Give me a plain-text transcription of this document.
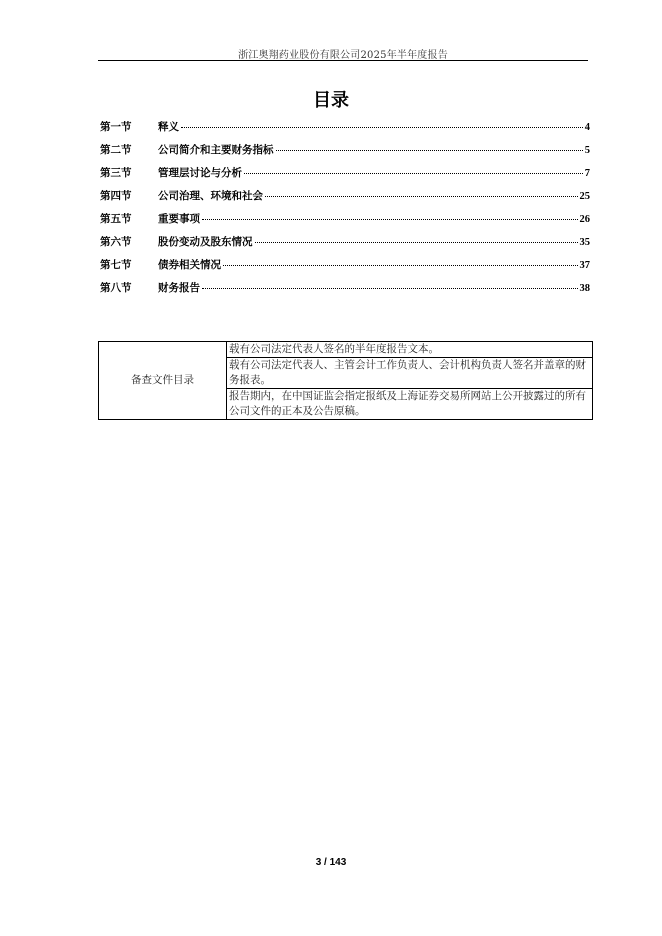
浙江奥翔药业股份有限公司2025年半年度报告
目录
第一节	释义	4
第二节	公司简介和主要财务指标	5
第三节	管理层讨论与分析	7
第四节	公司治理、环境和社会	25
第五节	重要事项	26
第六节	股份变动及股东情况	35
第七节	债券相关情况	37
第八节	财务报告	38
备查文件目录	载有公司法定代表人签名的半年度报告文本。
载有公司法定代表人、主管会计工作负责人、会计机构负责人签名并盖章的财务报表。
报告期内，在中国证监会指定报纸及上海证券交易所网站上公开披露过的所有公司文件的正本及公告原稿。
3 / 143
